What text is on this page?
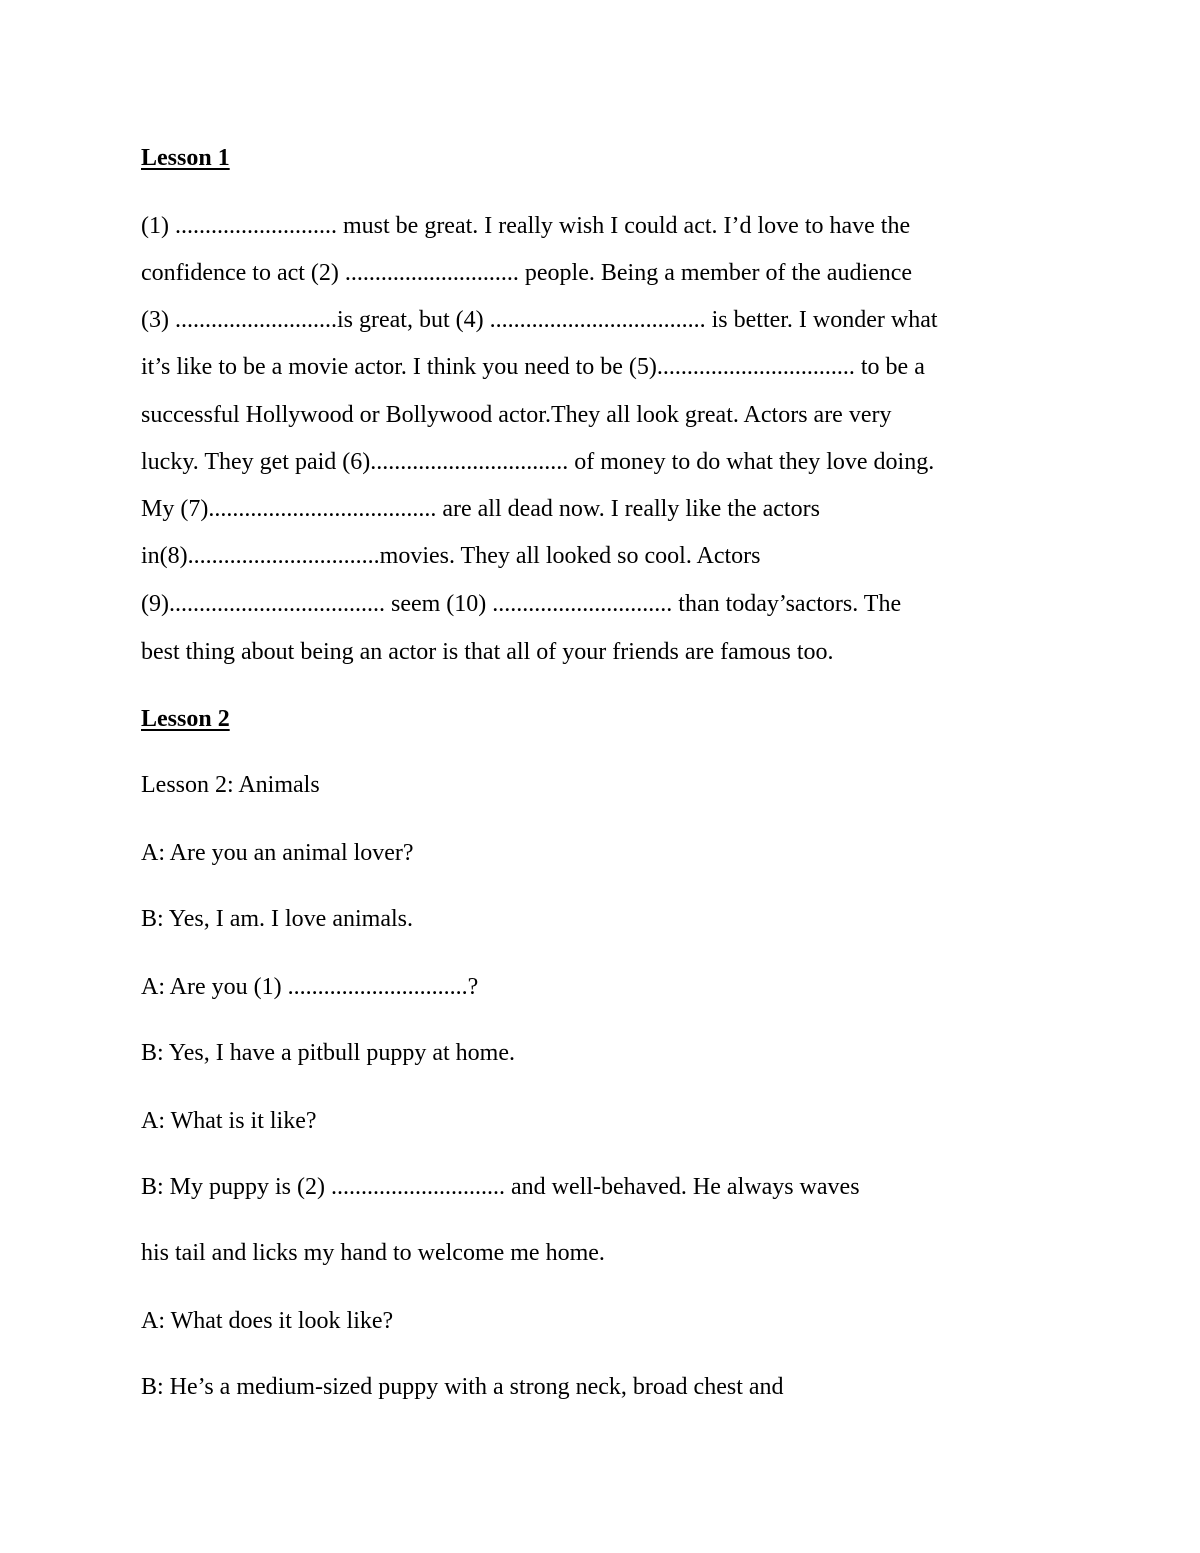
Lesson 1
(1) ........................... must be great. I really wish I could act. I’d love to have the
confidence to act (2) ............................. people. Being a member of the audience
(3) ...........................is great, but (4) .................................... is better. I wonder what
it’s like to be a movie actor. I think you need to be (5)................................. to be a
successful Hollywood or Bollywood actor.They all look great. Actors are very
lucky. They get paid (6)................................. of money to do what they love doing.
My (7)...................................... are all dead now. I really like the actors
in(8)................................movies. They all looked so cool. Actors
(9).................................... seem (10) .............................. than today’sactors. The
best thing about being an actor is that all of your friends are famous too.
Lesson 2
Lesson 2: Animals
A: Are you an animal lover?
B: Yes, I am. I love animals.
A: Are you (1) ..............................?
B: Yes, I have a pitbull puppy at home.
A: What is it like?
B: My puppy is (2) ............................. and well-behaved. He always waves
his tail and licks my hand to welcome me home.
A: What does it look like?
B: He’s a medium-sized puppy with a strong neck, broad chest and
